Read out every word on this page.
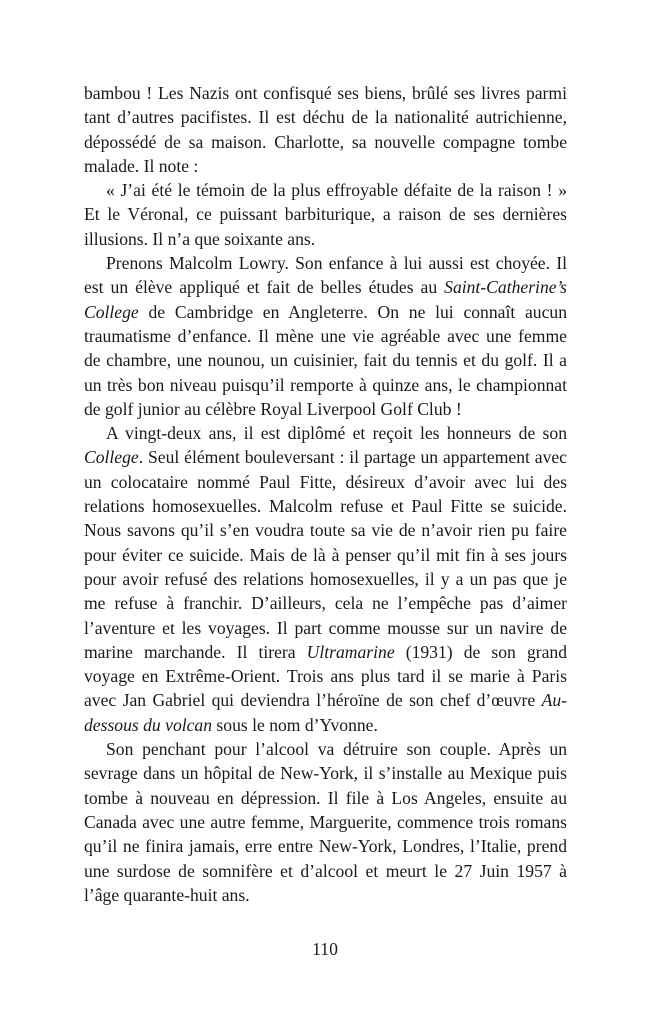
bambou ! Les Nazis ont confisqué ses biens, brûlé ses livres parmi tant d’autres pacifistes. Il est déchu de la nationalité autrichienne, dépossédé de sa maison. Charlotte, sa nouvelle compagne tombe malade. Il note :

« J’ai été le témoin de la plus effroyable défaite de la raison ! » Et le Véronal, ce puissant barbiturique, a raison de ses dernières illusions. Il n’a que soixante ans.

Prenons Malcolm Lowry. Son enfance à lui aussi est choyée. Il est un élève appliqué et fait de belles études au Saint-Catherine’s College de Cambridge en Angleterre. On ne lui connaît aucun traumatisme d’enfance. Il mène une vie agréable avec une femme de chambre, une nounou, un cuisinier, fait du tennis et du golf. Il a un très bon niveau puisqu’il remporte à quinze ans, le championnat de golf junior au célèbre Royal Liverpool Golf Club !

A vingt-deux ans, il est diplômé et reçoit les honneurs de son College. Seul élément bouleversant : il partage un appartement avec un colocataire nommé Paul Fitte, désireux d’avoir avec lui des relations homosexuelles. Malcolm refuse et Paul Fitte se suicide. Nous savons qu’il s’en voudra toute sa vie de n’avoir rien pu faire pour éviter ce suicide. Mais de là à penser qu’il mit fin à ses jours pour avoir refusé des relations homosexuelles, il y a un pas que je me refuse à franchir. D’ailleurs, cela ne l’empêche pas d’aimer l’aventure et les voyages. Il part comme mousse sur un navire de marine marchande. Il tirera Ultramarine (1931) de son grand voyage en Extrême-Orient. Trois ans plus tard il se marie à Paris avec Jan Gabriel qui deviendra l’héroïne de son chef d’œuvre Au-dessous du volcan sous le nom d’Yvonne.

Son penchant pour l’alcool va détruire son couple. Après un sevrage dans un hôpital de New-York, il s’installe au Mexique puis tombe à nouveau en dépression. Il file à Los Angeles, ensuite au Canada avec une autre femme, Marguerite, commence trois romans qu’il ne finira jamais, erre entre New-York, Londres, l’Italie, prend une surdose de somnifère et d’alcool et meurt le 27 Juin 1957 à l’âge quarante-huit ans.

110
